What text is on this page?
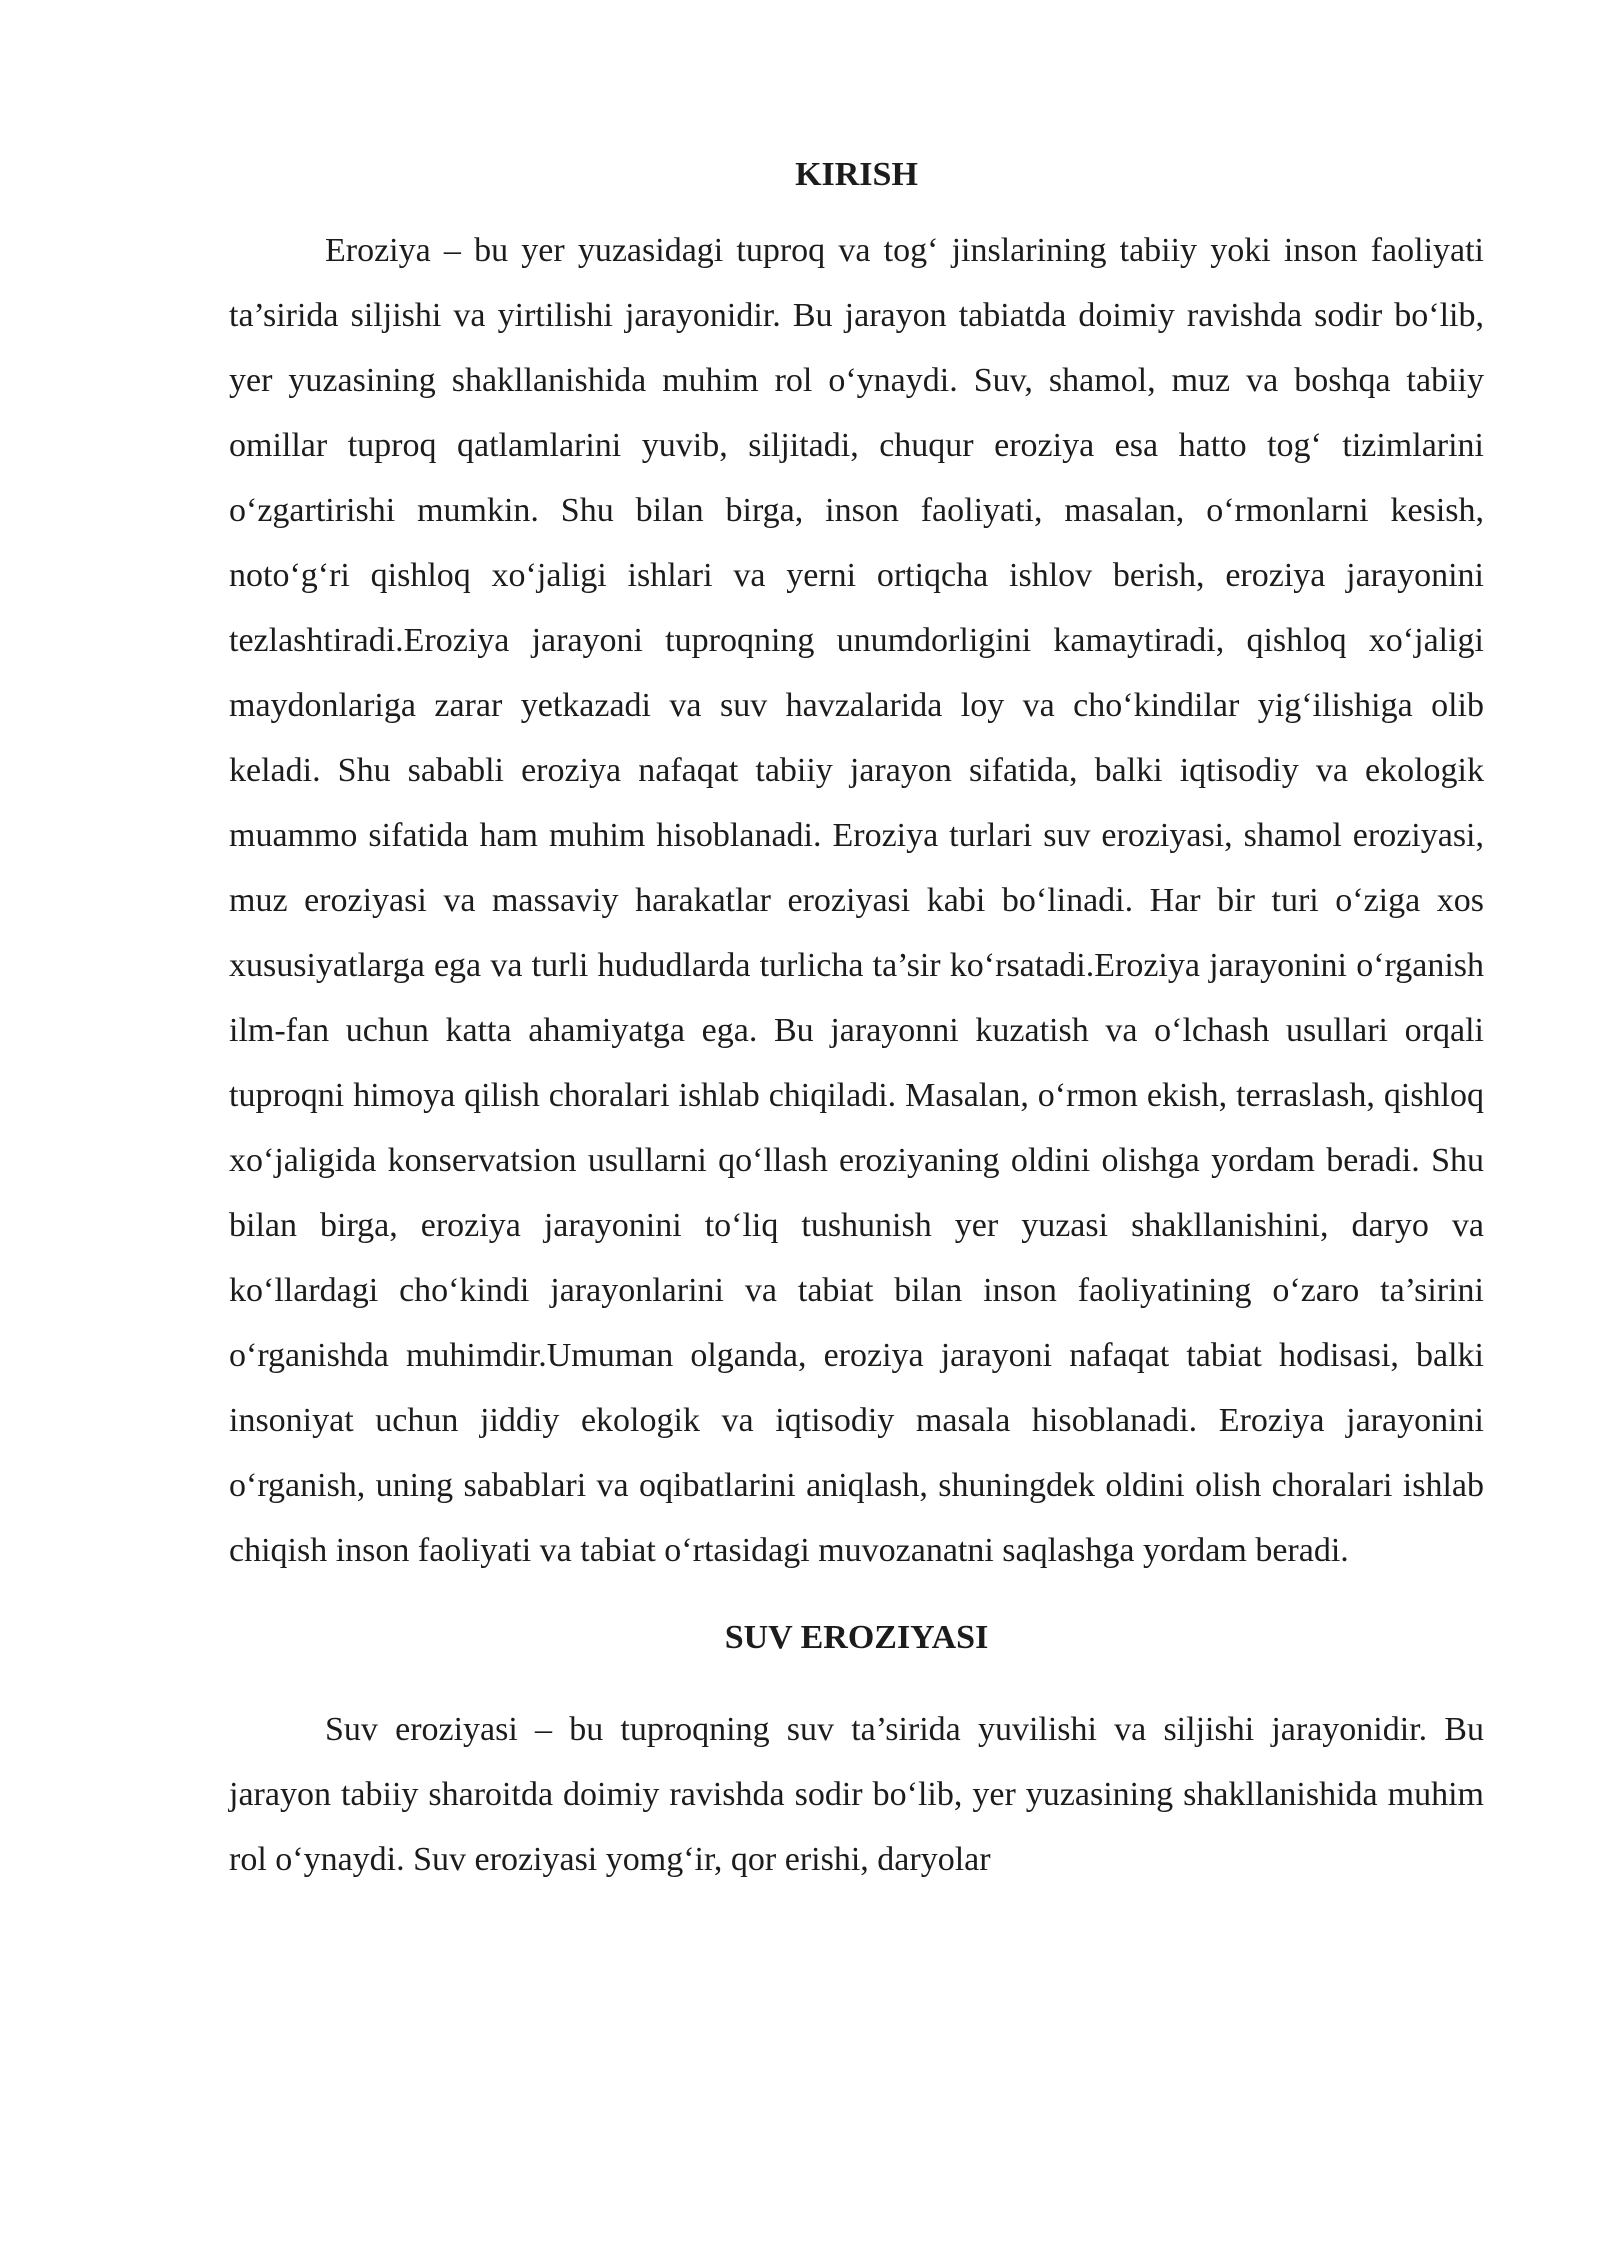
KIRISH

Eroziya – bu yer yuzasidagi tuproq va tog‘ jinslarining tabiiy yoki inson faoliyati ta’sirida siljishi va yirtilishi jarayonidir. Bu jarayon tabiatda doimiy ravishda sodir bo‘lib, yer yuzasining shakllanishida muhim rol o‘ynaydi. Suv, shamol, muz va boshqa tabiiy omillar tuproq qatlamlarini yuvib, siljitadi, chuqur eroziya esa hatto tog‘ tizimlarini o‘zgartirishi mumkin. Shu bilan birga, inson faoliyati, masalan, o‘rmonlarni kesish, noto‘g‘ri qishloq xo‘jaligi ishlari va yerni ortiqcha ishlov berish, eroziya jarayonini tezlashtiradi.Eroziya jarayoni tuproqning unumdorligini kamaytiradi, qishloq xo‘jaligi maydonlariga zarar yetkazadi va suv havzalarida loy va cho‘kindilar yig‘ilishiga olib keladi. Shu sababli eroziya nafaqat tabiiy jarayon sifatida, balki iqtisodiy va ekologik muammo sifatida ham muhim hisoblanadi. Eroziya turlari suv eroziyasi, shamol eroziyasi, muz eroziyasi va massaviy harakatlar eroziyasi kabi bo‘linadi. Har bir turi o‘ziga xos xususiyatlarga ega va turli hududlarda turlicha ta’sir ko‘rsatadi.Eroziya jarayonini o‘rganish ilm-fan uchun katta ahamiyatga ega. Bu jarayonni kuzatish va o‘lchash usullari orqali tuproqni himoya qilish choralari ishlab chiqiladi. Masalan, o‘rmon ekish, terraslash, qishloq xo‘jaligida konservatsion usullarni qo‘llash eroziyaning oldini olishga yordam beradi. Shu bilan birga, eroziya jarayonini to‘liq tushunish yer yuzasi shakllanishini, daryo va ko‘llardagi cho‘kindi jarayonlarini va tabiat bilan inson faoliyatining o‘zaro ta’sirini o‘rganishda muhimdir.Umuman olganda, eroziya jarayoni nafaqat tabiat hodisasi, balki insoniyat uchun jiddiy ekologik va iqtisodiy masala hisoblanadi. Eroziya jarayonini o‘rganish, uning sabablari va oqibatlarini aniqlash, shuningdek oldini olish choralari ishlab chiqish inson faoliyati va tabiat o‘rtasidagi muvozanatni saqlashga yordam beradi.

SUV EROZIYASI

Suv eroziyasi – bu tuproqning suv ta’sirida yuvilishi va siljishi jarayonidir. Bu jarayon tabiiy sharoitda doimiy ravishda sodir bo‘lib, yer yuzasining shakllanishida muhim rol o‘ynaydi. Suv eroziyasi yomg‘ir, qor erishi, daryolar
